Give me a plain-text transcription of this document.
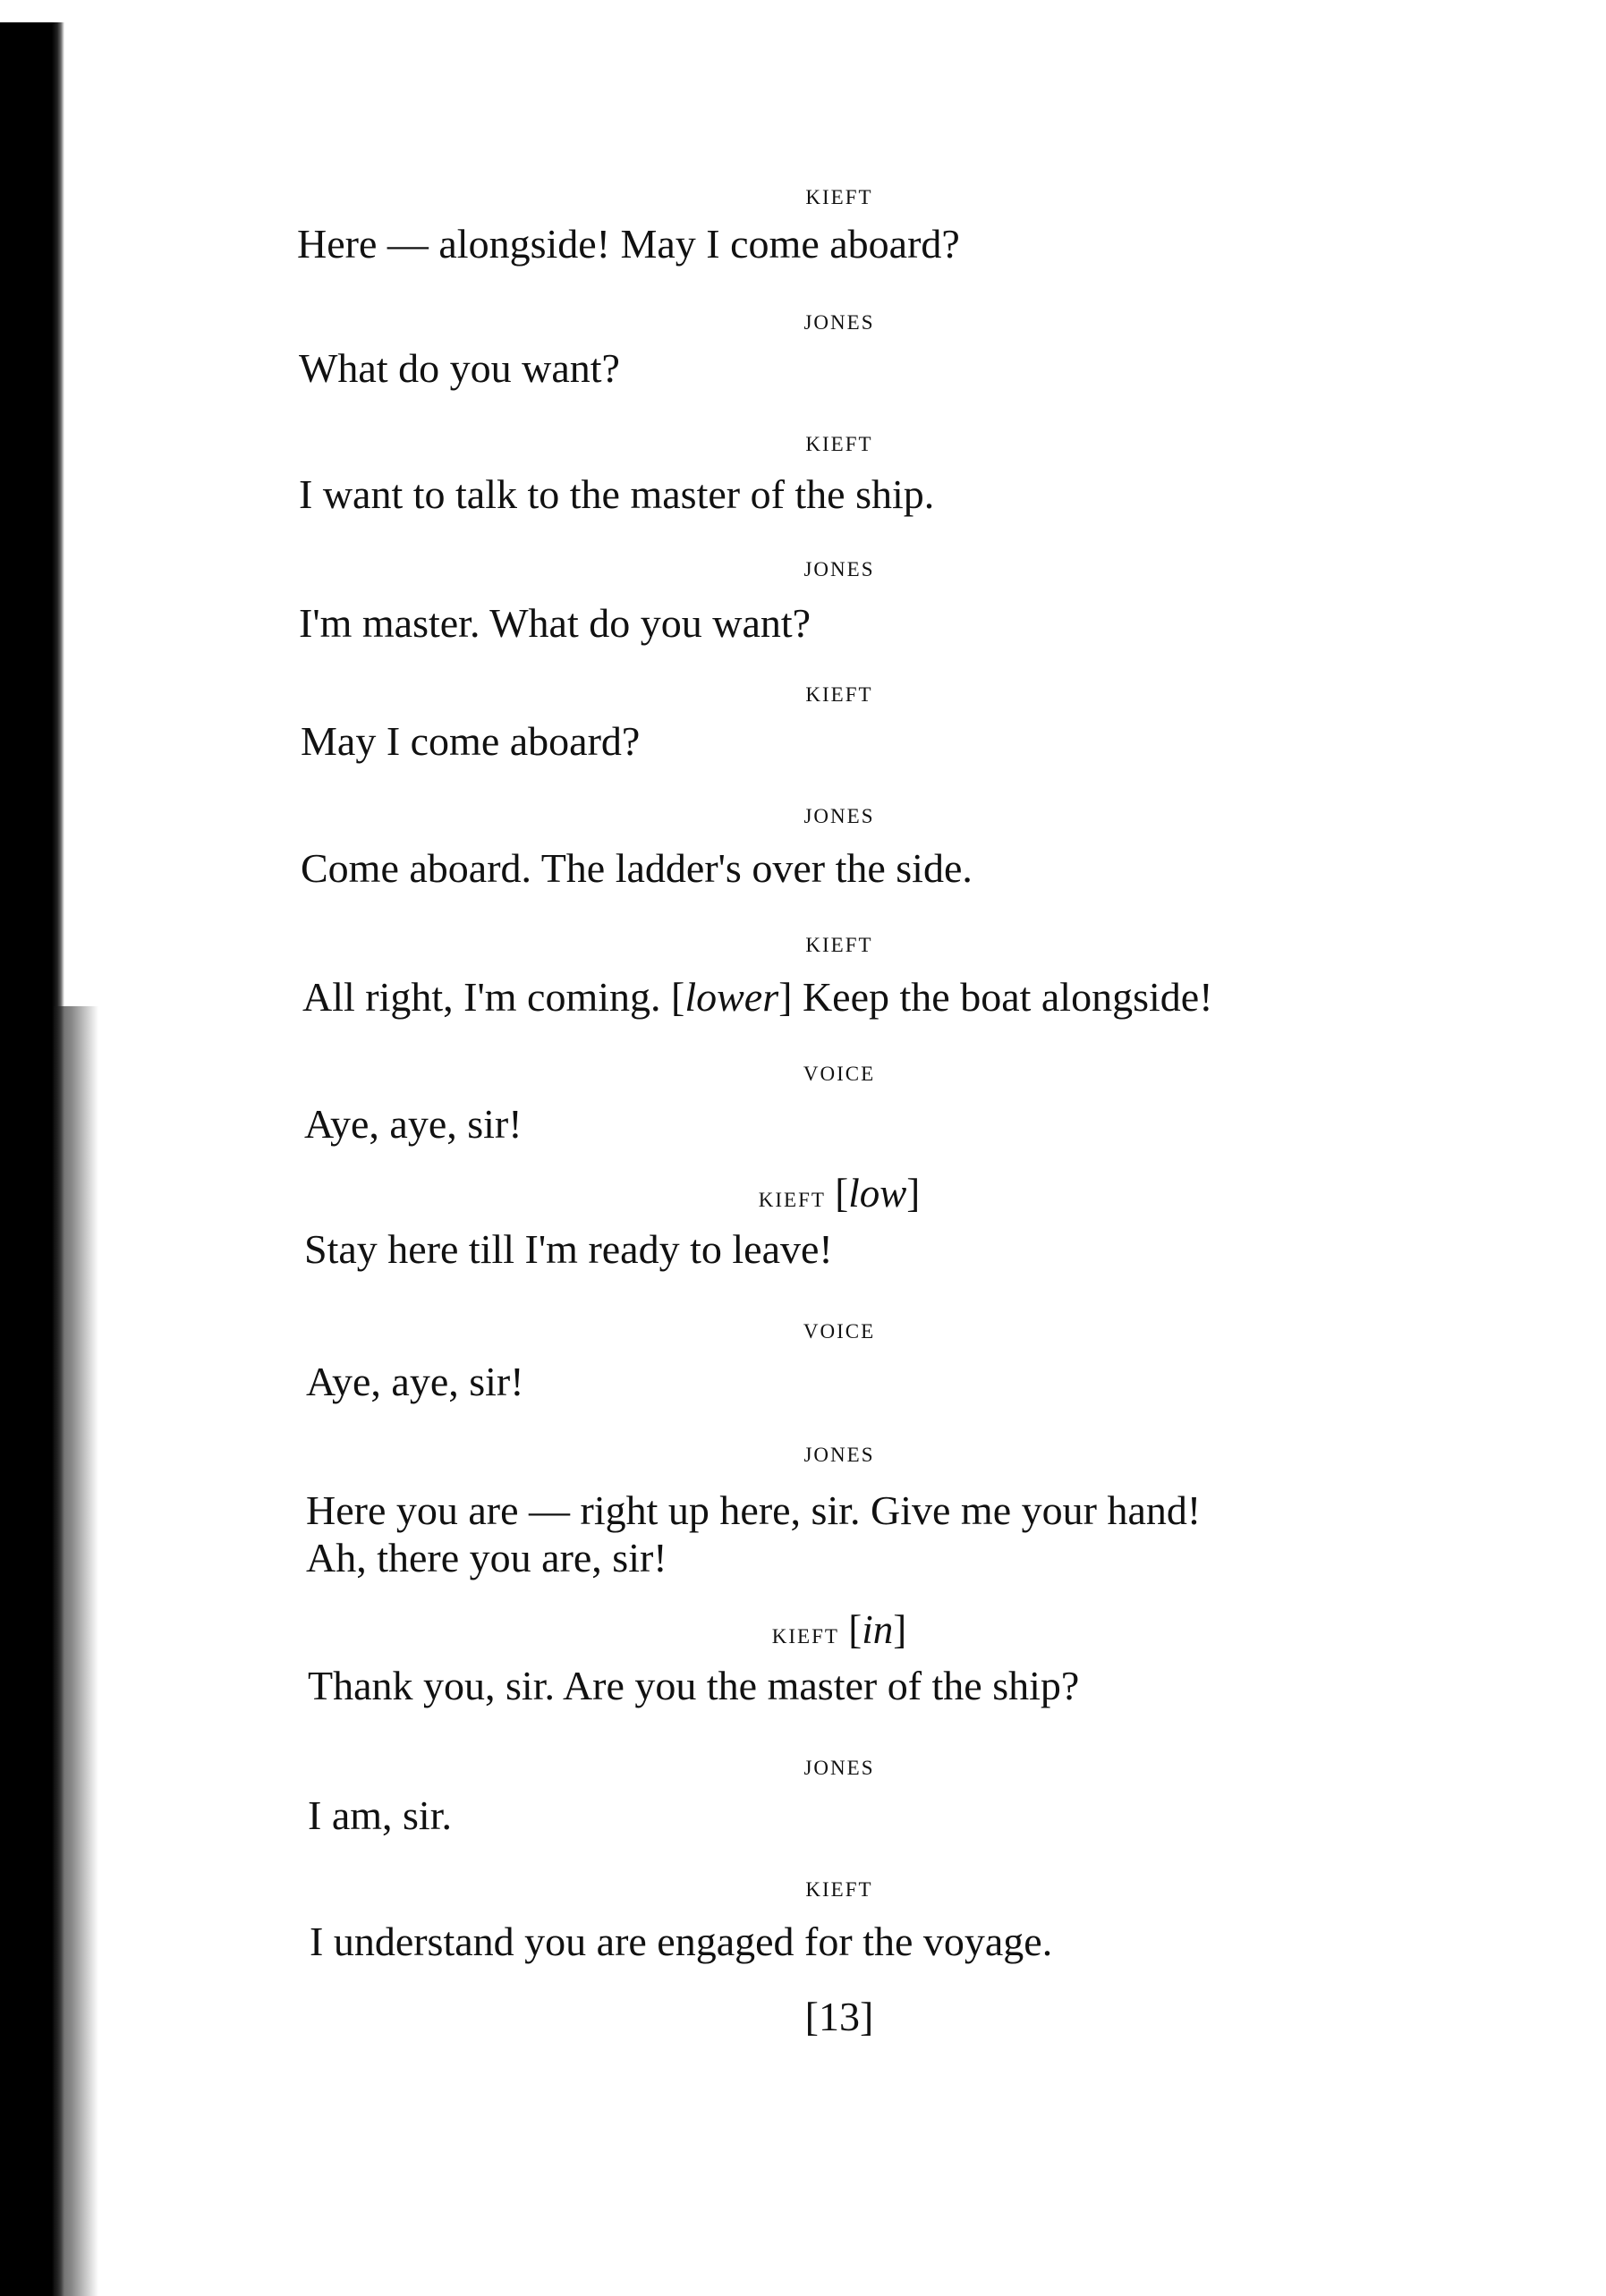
kieft
Here — alongside! May I come aboard?
jones
What do you want?
kieft
I want to talk to the master of the ship.
jones
I'm master. What do you want?
kieft
May I come aboard?
jones
Come aboard. The ladder's over the side.
kieft
All right, I'm coming. [lower] Keep the boat alongside!
voice
Aye, aye, sir!
kieft [low]
Stay here till I'm ready to leave!
voice
Aye, aye, sir!
jones
Here you are — right up here, sir. Give me your hand!
Ah, there you are, sir!
kieft [in]
Thank you, sir. Are you the master of the ship?
jones
I am, sir.
kieft
I understand you are engaged for the voyage.
[13]
